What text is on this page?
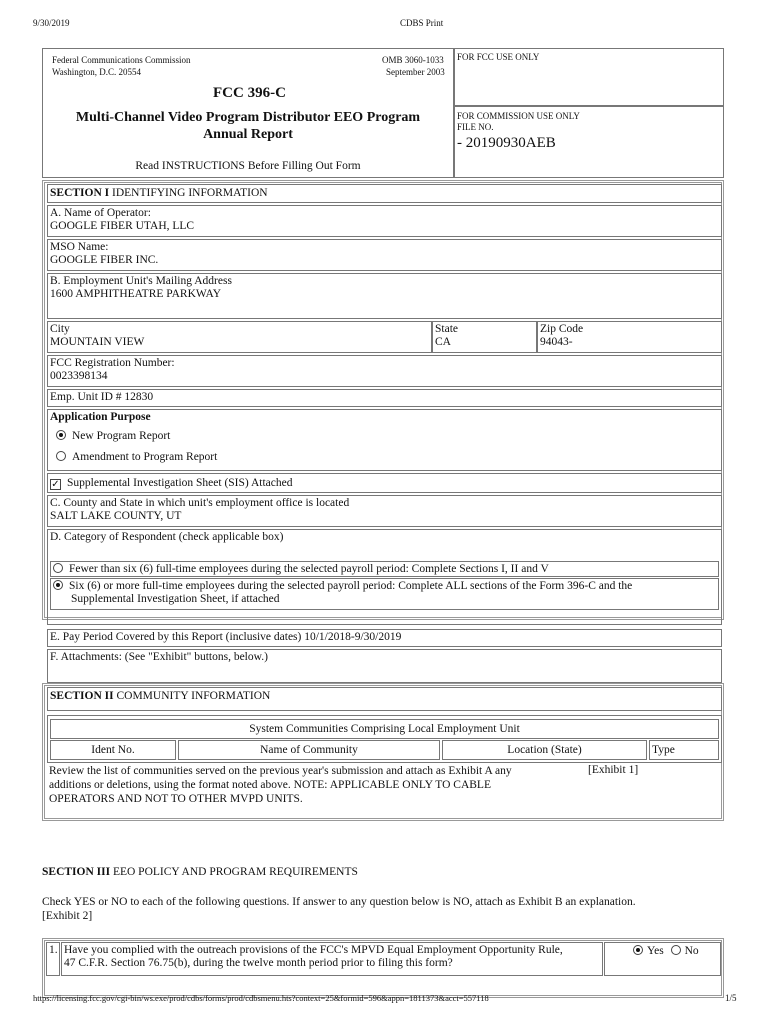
9/30/2019	CDBS Print
Federal Communications Commission
Washington, D.C. 20554
OMB 3060-1033
September 2003
FCC 396-C
Multi-Channel Video Program Distributor EEO Program
Annual Report
Read INSTRUCTIONS Before Filling Out Form
FOR FCC USE ONLY
FOR COMMISSION USE ONLY
FILE NO.
- 20190930AEB
SECTION I IDENTIFYING INFORMATION
A. Name of Operator:
GOOGLE FIBER UTAH, LLC
MSO Name:
GOOGLE FIBER INC.
B. Employment Unit's Mailing Address
1600 AMPHITHEATRE PARKWAY
City
MOUNTAIN VIEW
State
CA
Zip Code
94043-
FCC Registration Number:
0023398134
Emp. Unit ID # 12830
Application Purpose
New Program Report
Amendment to Program Report
✓ Supplemental Investigation Sheet (SIS) Attached
C. County and State in which unit's employment office is located
SALT LAKE COUNTY, UT
D. Category of Respondent (check applicable box)
Fewer than six (6) full-time employees during the selected payroll period: Complete Sections I, II and V
Six (6) or more full-time employees during the selected payroll period: Complete ALL sections of the Form 396-C and the
Supplemental Investigation Sheet, if attached
E. Pay Period Covered by this Report (inclusive dates) 10/1/2018-9/30/2019
F. Attachments: (See "Exhibit" buttons, below.)
SECTION II COMMUNITY INFORMATION
System Communities Comprising Local Employment Unit
Ident No.	Name of Community	Location (State)	Type
Review the list of communities served on the previous year's submission and attach as Exhibit A any
additions or deletions, using the format noted above. NOTE: APPLICABLE ONLY TO CABLE
OPERATORS AND NOT TO OTHER MVPD UNITS.
[Exhibit 1]
SECTION III EEO POLICY AND PROGRAM REQUIREMENTS
Check YES or NO to each of the following questions. If answer to any question below is NO, attach as Exhibit B an explanation.
[Exhibit 2]
1. Have you complied with the outreach provisions of the FCC's MPVD Equal Employment Opportunity Rule,
47 C.F.R. Section 76.75(b), during the twelve month period prior to filing this form?
Yes No
https://licensing.fcc.gov/cgi-bin/ws.exe/prod/cdbs/forms/prod/cdbsmenu.hts?context=25&formid=596&appn=1811373&acct=557118	1/5
